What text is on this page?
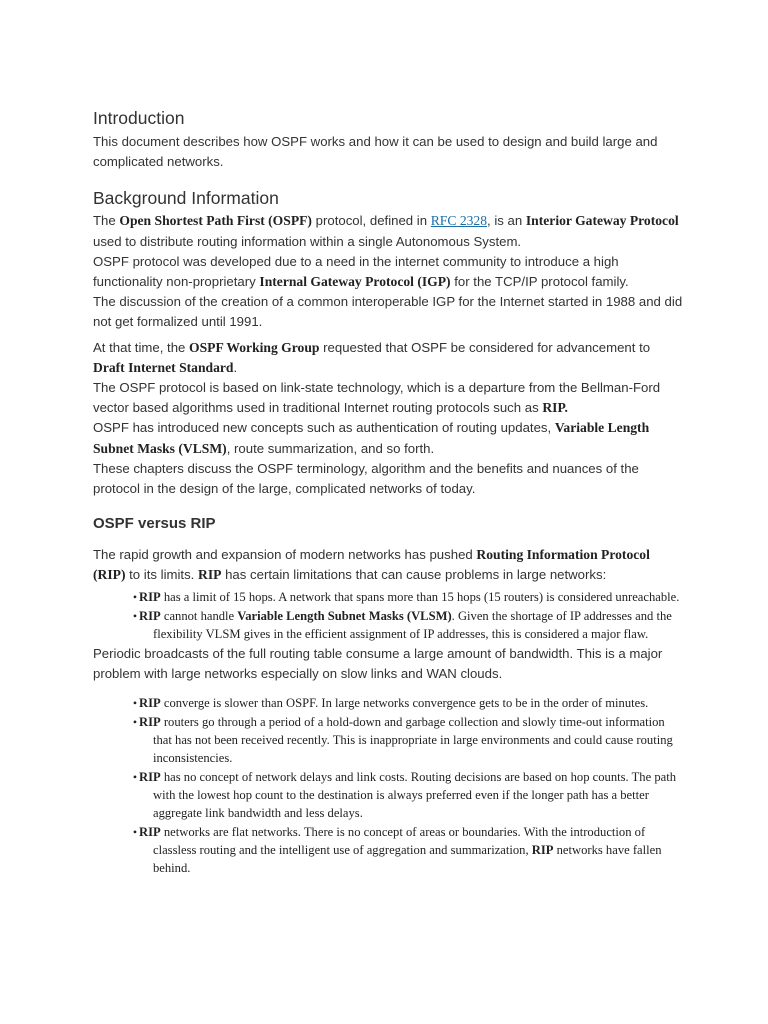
Introduction

This document describes how OSPF works and how it can be used to design and build large and complicated networks.

Background Information

The Open Shortest Path First (OSPF) protocol, defined in RFC 2328, is an Interior Gateway Protocol used to distribute routing information within a single Autonomous System.
OSPF protocol was developed due to a need in the internet community to introduce a high functionality non-proprietary Internal Gateway Protocol (IGP) for the TCP/IP protocol family.
The discussion of the creation of a common interoperable IGP for the Internet started in 1988 and did not get formalized until 1991.

At that time, the OSPF Working Group requested that OSPF be considered for advancement to Draft Internet Standard.
The OSPF protocol is based on link-state technology, which is a departure from the Bellman-Ford vector based algorithms used in traditional Internet routing protocols such as RIP.
OSPF has introduced new concepts such as authentication of routing updates, Variable Length Subnet Masks (VLSM), route summarization, and so forth.
These chapters discuss the OSPF terminology, algorithm and the benefits and nuances of the protocol in the design of the large, complicated networks of today.

OSPF versus RIP

The rapid growth and expansion of modern networks has pushed Routing Information Protocol (RIP) to its limits. RIP has certain limitations that can cause problems in large networks:

• RIP has a limit of 15 hops. A network that spans more than 15 hops (15 routers) is considered unreachable.
• RIP cannot handle Variable Length Subnet Masks (VLSM). Given the shortage of IP addresses and the flexibility VLSM gives in the efficient assignment of IP addresses, this is considered a major flaw.

Periodic broadcasts of the full routing table consume a large amount of bandwidth. This is a major problem with large networks especially on slow links and WAN clouds.

• RIP converge is slower than OSPF. In large networks convergence gets to be in the order of minutes.
• RIP routers go through a period of a hold-down and garbage collection and slowly time-out information that has not been received recently. This is inappropriate in large environments and could cause routing inconsistencies.
• RIP has no concept of network delays and link costs. Routing decisions are based on hop counts. The path with the lowest hop count to the destination is always preferred even if the longer path has a better aggregate link bandwidth and less delays.
• RIP networks are flat networks. There is no concept of areas or boundaries. With the introduction of classless routing and the intelligent use of aggregation and summarization, RIP networks have fallen behind.
